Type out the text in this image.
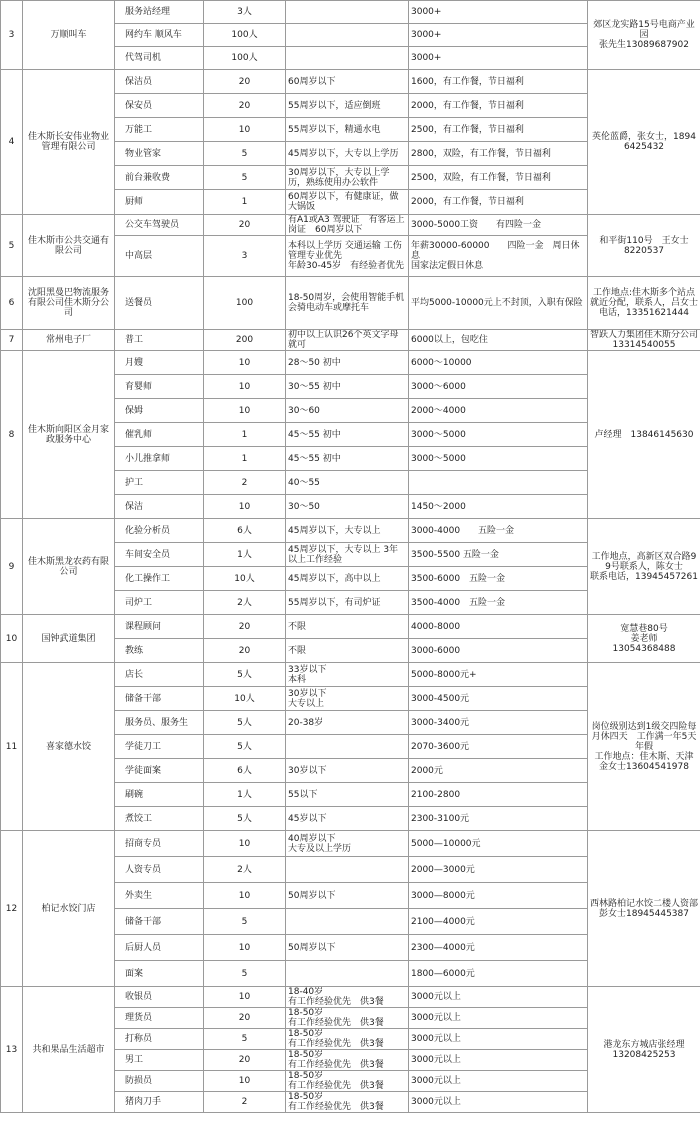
3	万顺叫车	服务站经理	3人		3000+	郊区龙实路15号电商产业园
张先生13089687902
		网约车 顺风车	100人		3000+	
		代驾司机	100人		3000+	
4	佳木斯长安伟业物业管理有限公司	保洁员	20	60周岁以下	1600，有工作餐，节日福利	英伦蓝爵，张女士，18946425432
		保安员	20	55周岁以下，适应倒班	2000，有工作餐，节日福利	
		万能工	10	55周岁以下，精通水电	2500，有工作餐，节日福利	
		物业管家	5	45周岁以下，大专以上学历	2800，双险，有工作餐，节日福利	
		前台兼收费	5	30周岁以下，大专以上学历，熟练使用办公软件	2500，双险，有工作餐，节日福利	
		厨师	1	60周岁以下，有健康证，做大锅饭	2000，有工作餐，节日福利	
5	佳木斯市公共交通有限公司	公交车驾驶员	20	有A1或A3 驾驶证　有客运上岗证　60周岁以下	3000-5000工资　　有四险一金	和平街110号　王女士
8220537
		中高层	3	本科以上学历 交通运输 工伤管理专业优先
年龄30-45岁　有经验者优先	年薪30000-60000　　四险一金　周日休息
国家法定假日休息	
6	沈阳黑曼巴物流服务有限公司佳木斯分公司	送餐员	100	18-50周岁，会使用智能手机会骑电动车或摩托车	平均5000-10000元上不封顶，入职有保险	工作地点:佳木斯多个站点就近分配，联系人，吕女士　电话，13351621444
7	常州电子厂	普工	200	初中以上认识26个英文字母就可	6000以上，包吃住	智跃人力集团佳木斯分公司13314540055
8	佳木斯向阳区金月家政服务中心	月嫂	10	28～50 初中	6000～10000	卢经理　13846145630
		育婴师	10	30～55 初中	3000～6000	
		保姆	10	30～60	2000～4000	
		催乳师	1	45～55 初中	3000～5000	
		小儿推拿师	1	45～55 初中	3000～5000	
		护工	2	40～55		
		保洁	10	30～50	1450～2000	
9	佳木斯黑龙农药有限公司	化验分析员	6人	45周岁以下，大专以上	3000-4000　　五险一金	工作地点，高新区双合路99号联系人，陈女士
联系电话，13945457261
		车间安全员	1人	45周岁以下，大专以上 3年以上工作经验	3500-5500 五险一金	
		化工操作工	10人	45周岁以下，高中以上	3500-6000　五险一金	
		司炉工	2人	55周岁以下，有司炉证	3500-4000　五险一金	
10	国钟武道集团	课程顾问	20	不限	4000-8000	宽慧巷80号
姜老师
13054368488
		教练	20	不限	3000-6000	
11	喜家德水饺	店长	5人	33岁以下
本科	5000-8000元+	岗位级别达到1级交四险每月休四天　工作满一年5天年假
工作地点：佳木斯、天津
金女士13604541978
		储备干部	10人	30岁以下
大专以上	3000-4500元	
		服务员、服务生	5人	20-38岁	3000-3400元	
		学徒刀工	5人		2070-3600元	
		学徒面案	6人	30岁以下	2000元	
		刷碗	1人	55以下	2100-2800	
		煮饺工	5人	45岁以下	2300-3100元	
12	柏记水饺门店	招商专员	10	40周岁以下
大专及以上学历	5000—10000元	西林路柏记水饺二楼人资部彭女士18945445387
		人资专员	2人		2000—3000元	
		外卖生	10	50周岁以下	3000—8000元	
		储备干部	5		2100—4000元	
		后厨人员	10	50周岁以下	2300—4000元	
		面案	5		1800—6000元	
13	共和果品生活超市	收银员	10	18-40岁
有工作经验优先　供3餐	3000元以上	港龙东方城店张经理
13208425253
		理货员	20	18-50岁
有工作经验优先　供3餐	3000元以上	
		打称员	5	18-50岁
有工作经验优先　供3餐	3000元以上	
		男工	20	18-50岁
有工作经验优先　供3餐	3000元以上	
		防损员	10	18-50岁
有工作经验优先　供3餐	3000元以上	
		猪肉刀手	2	18-50岁
有工作经验优先　供3餐	3000元以上	
